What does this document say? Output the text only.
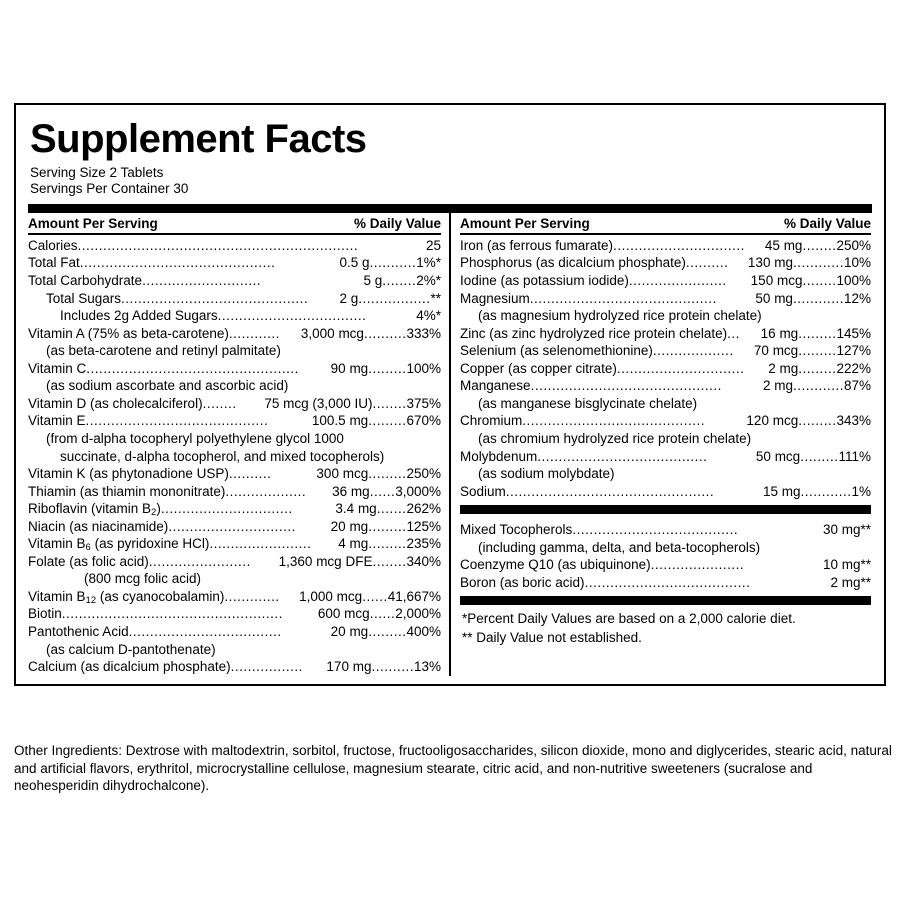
Supplement Facts
Serving Size 2 Tablets
Servings Per Container 30
Amount Per Serving	% Daily Value
Calories ..................................................................	25
Total Fat ..............................................	0.5 g ........... 1%*
Total Carbohydrate ............................	5 g ........ 2%*
Total Sugars ............................................	2 g ................. **
Includes 2g Added Sugars ...................................	4%*
Vitamin A (75% as beta-carotene) ............	3,000 mcg .......... 333%
(as beta-carotene and retinyl palmitate)
Vitamin C ..................................................	90 mg ......... 100%
(as sodium ascorbate and ascorbic acid)
Vitamin D (as cholecalciferol) ........	75 mcg (3,000 IU) ........ 375%
Vitamin E ...........................................	100.5 mg ......... 670%
(from d-alpha tocopheryl polyethylene glycol 1000
succinate, d-alpha tocopherol, and mixed tocopherols)
Vitamin K (as phytonadione USP) ..........	300 mcg ......... 250%
Thiamin (as thiamin mononitrate) ...................	36 mg ...... 3,000%
Riboflavin (vitamin $B_2$) ...............................	3.4 mg ....... 262%
Niacin (as niacinamide) ..............................	20 mg ......... 125%
Vitamin $B_6$ (as pyridoxine HCl) ........................	4 mg ......... 235%
Folate (as folic acid) ........................	1,360 mcg DFE ........ 340%
(800 mcg folic acid)
Vitamin $B_{12}$ (as cyanocobalamin) .............	1,000 mcg ...... 41,667%
Biotin ....................................................	600 mcg ...... 2,000%
Pantothenic Acid ....................................	20 mg ......... 400%
(as calcium D-pantothenate)
Calcium (as dicalcium phosphate) .................	170 mg .......... 13%
Amount Per Serving	% Daily Value
Iron (as ferrous fumarate) ...............................	45 mg ........ 250%
Phosphorus (as dicalcium phosphate) ..........	130 mg ............ 10%
Iodine (as potassium iodide) .......................	150 mcg ........ 100%
Magnesium ............................................	50 mg ............ 12%
(as magnesium hydrolyzed rice protein chelate)
Zinc (as zinc hydrolyzed rice protein chelate) ...	16 mg ......... 145%
Selenium (as selenomethionine) ...................	70 mcg ......... 127%
Copper (as copper citrate) ..............................	2 mg ......... 222%
Manganese .............................................	2 mg ............ 87%
(as manganese bisglycinate chelate)
Chromium ...........................................	120 mcg ......... 343%
(as chromium hydrolyzed rice protein chelate)
Molybdenum ........................................	50 mcg ......... 111%
(as sodium molybdate)
Sodium .................................................	15 mg ............ 1%
Mixed Tocopherols .......................................	30 mg **
(including gamma, delta, and beta-tocopherols)
Coenzyme Q10 (as ubiquinone) ......................	10 mg **
Boron (as boric acid) .......................................	2 mg **
*Percent Daily Values are based on a 2,000 calorie diet.
** Daily Value not established.
Other Ingredients: Dextrose with maltodextrin, sorbitol, fructose, fructooligosaccharides, silicon dioxide, mono and diglycerides, stearic acid, natural and artificial flavors, erythritol, microcrystalline cellulose, magnesium stearate, citric acid, and non-nutritive sweeteners (sucralose and neohesperidin dihydrochalcone).
